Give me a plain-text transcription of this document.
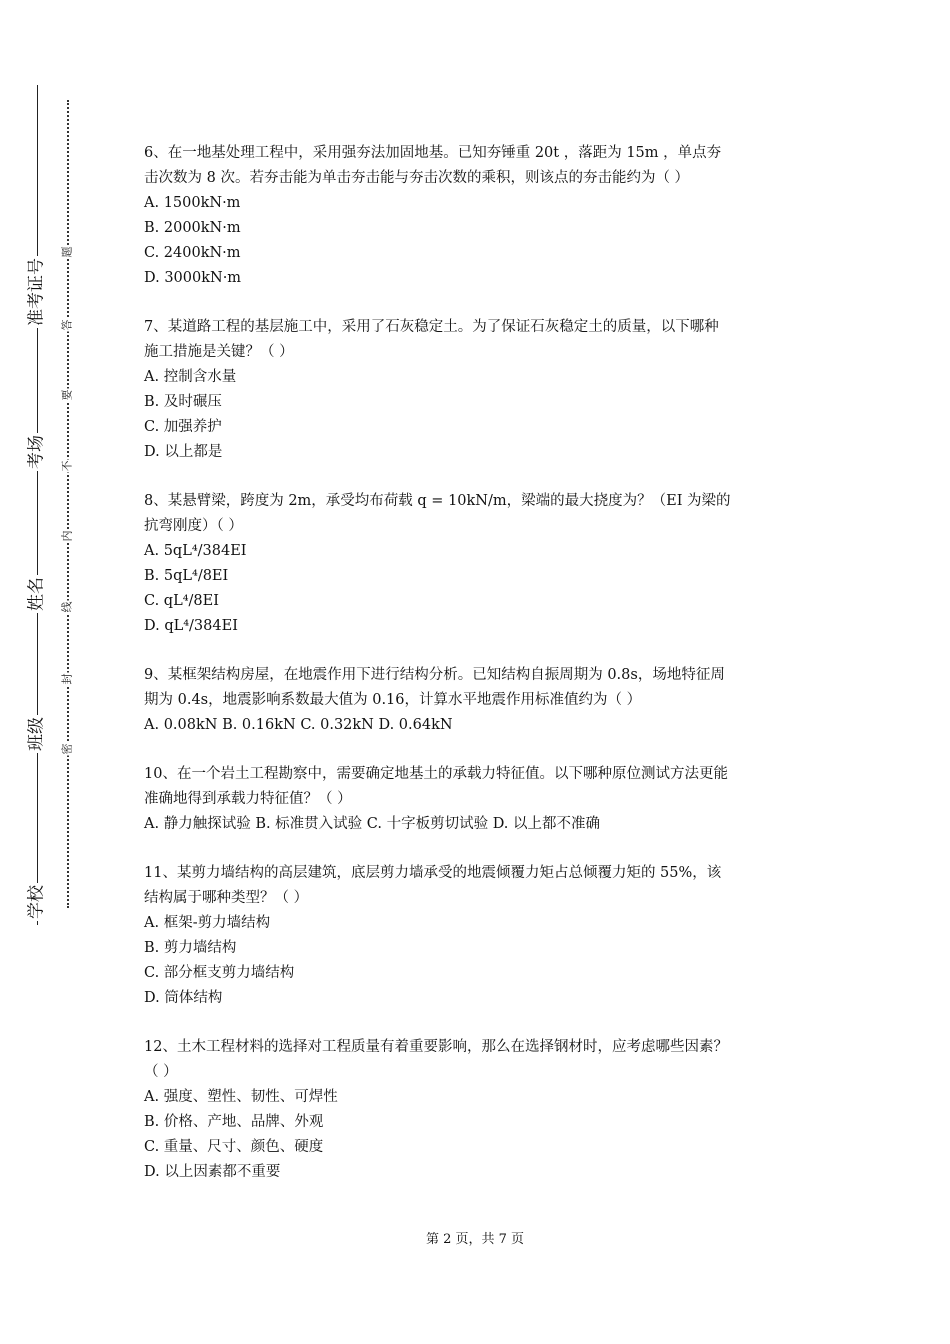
准考证号
考场
姓名
班级
学校
题
答
要
不
内
线
封
密
6、在一地基处理工程中，采用强夯法加固地基。已知夯锤重 20t ，落距为 15m ，单点夯
击次数为 8 次。若夯击能为单击夯击能与夯击次数的乘积，则该点的夯击能约为（ ）
A. 1500kN·m
B. 2000kN·m
C. 2400kN·m
D. 3000kN·m
7、某道路工程的基层施工中，采用了石灰稳定土。为了保证石灰稳定土的质量，以下哪种
施工措施是关键？（ ）
A. 控制含水量
B. 及时碾压
C. 加强养护
D. 以上都是
8、某悬臂梁，跨度为 2m，承受均布荷载 q = 10kN/m，梁端的最大挠度为？（EI 为梁的
抗弯刚度）（ ）
A. 5qL⁴/384EI
B. 5qL⁴/8EI
C. qL⁴/8EI
D. qL⁴/384EI
9、某框架结构房屋，在地震作用下进行结构分析。已知结构自振周期为 0.8s，场地特征周
期为 0.4s，地震影响系数最大值为 0.16，计算水平地震作用标准值约为（ ）
A. 0.08kN B. 0.16kN C. 0.32kN D. 0.64kN
10、在一个岩土工程勘察中，需要确定地基土的承载力特征值。以下哪种原位测试方法更能
准确地得到承载力特征值？（ ）
A. 静力触探试验 B. 标准贯入试验 C. 十字板剪切试验 D. 以上都不准确
11、某剪力墙结构的高层建筑，底层剪力墙承受的地震倾覆力矩占总倾覆力矩的 55%，该
结构属于哪种类型？（ ）
A. 框架-剪力墙结构
B. 剪力墙结构
C. 部分框支剪力墙结构
D. 筒体结构
12、土木工程材料的选择对工程质量有着重要影响，那么在选择钢材时，应考虑哪些因素？
（ ）
A. 强度、塑性、韧性、可焊性
B. 价格、产地、品牌、外观
C. 重量、尺寸、颜色、硬度
D. 以上因素都不重要
第 2 页，共 7 页
